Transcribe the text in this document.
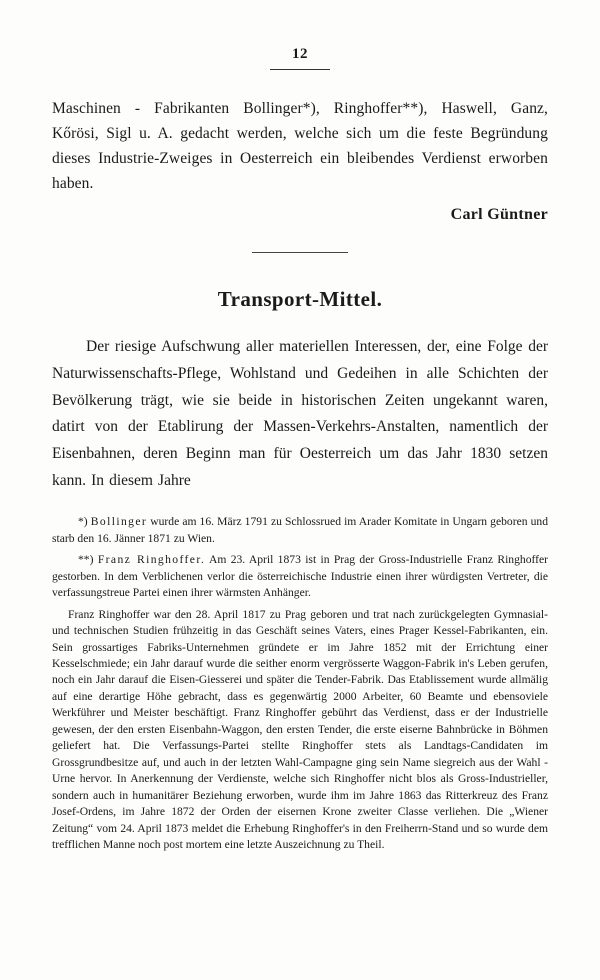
12
Maschinen - Fabrikanten Bollinger*), Ringhoffer**), Haswell, Ganz, Kőrösi, Sigl u. A. gedacht werden, welche sich um die feste Begründung dieses Industrie-Zweiges in Oesterreich ein bleibendes Verdienst erworben haben.
Carl Güntner
Transport-Mittel.
Der riesige Aufschwung aller materiellen Interessen, der, eine Folge der Naturwissenschafts-Pflege, Wohlstand und Gedeihen in alle Schichten der Bevölkerung trägt, wie sie beide in historischen Zeiten ungekannt waren, datirt von der Etablirung der Massen-Verkehrs-Anstalten, namentlich der Eisenbahnen, deren Beginn man für Oesterreich um das Jahr 1830 setzen kann. In diesem Jahre
*) Bollinger wurde am 16. März 1791 zu Schlossrued im Arader Komitate in Ungarn geboren und starb den 16. Jänner 1871 zu Wien.
**) Franz Ringhoffer. Am 23. April 1873 ist in Prag der Gross-Industrielle Franz Ringhoffer gestorben. In dem Verblichenen verlor die österreichische Industrie einen ihrer würdigsten Vertreter, die verfassungstreue Partei einen ihrer wärmsten Anhänger.

Franz Ringhoffer war den 28. April 1817 zu Prag geboren und trat nach zurückgelegten Gymnasial- und technischen Studien frühzeitig in das Geschäft seines Vaters, eines Prager Kessel-Fabrikanten, ein. Sein grossartiges Fabriks-Unternehmen gründete er im Jahre 1852 mit der Errichtung einer Kesselschmiede; ein Jahr darauf wurde die seither enorm vergrösserte Waggon-Fabrik in's Leben gerufen, noch ein Jahr darauf die Eisen-Giesserei und später die Tender-Fabrik. Das Etablissement wurde allmälig auf eine derartige Höhe gebracht, dass es gegenwärtig 2000 Arbeiter, 60 Beamte und ebensoviele Werkführer und Meister beschäftigt. Franz Ringhoffer gebührt das Verdienst, dass er der Industrielle gewesen, der den ersten Eisenbahn-Waggon, den ersten Tender, die erste eiserne Bahnbrücke in Böhmen geliefert hat. Die Verfassungs-Partei stellte Ringhoffer stets als Landtags-Candidaten im Grossgrundbesitze auf, und auch in der letzten Wahl-Campagne ging sein Name siegreich aus der Wahl - Urne hervor. In Anerkennung der Verdienste, welche sich Ringhoffer nicht blos als Gross-Industrieller, sondern auch in humanitärer Beziehung erworben, wurde ihm im Jahre 1863 das Ritterkreuz des Franz Josef-Ordens, im Jahre 1872 der Orden der eisernen Krone zweiter Classe verliehen. Die „Wiener Zeitung“ vom 24. April 1873 meldet die Erhebung Ringhoffer's in den Freiherrn-Stand und so wurde dem trefflichen Manne noch post mortem eine letzte Auszeichnung zu Theil.
